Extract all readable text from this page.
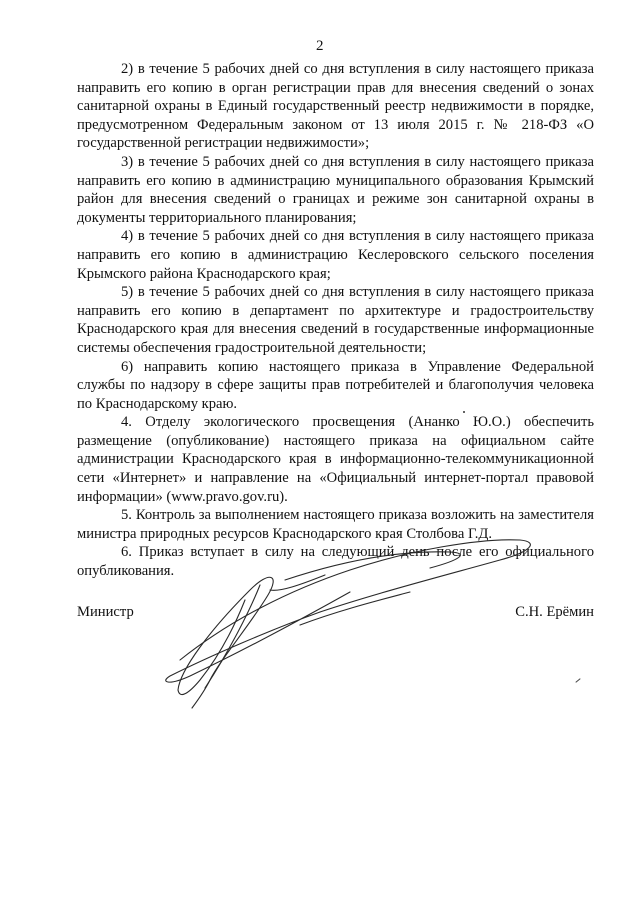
2

2) в течение 5 рабочих дней со дня вступления в силу настоящего приказа направить его копию в орган регистрации прав для внесения сведений о зонах санитарной охраны в Единый государственный реестр недвижимости в порядке, предусмотренном Федеральным законом от 13 июля 2015 г. № 218-ФЗ «О государственной регистрации недвижимости»;

3) в течение 5 рабочих дней со дня вступления в силу настоящего приказа направить его копию в администрацию муниципального образования Крымский район для внесения сведений о границах и режиме зон санитарной охраны в документы территориального планирования;

4) в течение 5 рабочих дней со дня вступления в силу настоящего приказа направить его копию в администрацию Кеслеровского сельского поселения Крымского района Краснодарского края;

5) в течение 5 рабочих дней со дня вступления в силу настоящего приказа направить его копию в департамент по архитектуре и градостроительству Краснодарского края для внесения сведений в государственные информационные системы обеспечения градостроительной деятельности;

6) направить копию настоящего приказа в Управление Федеральной службы по надзору в сфере защиты прав потребителей и благополучия человека по Краснодарскому краю.

4. Отделу экологического просвещения (Ананко Ю.О.) обеспечить размещение (опубликование) настоящего приказа на официальном сайте администрации Краснодарского края в информационно-телекоммуникационной сети «Интернет» и направление на «Официальный интернет-портал правовой информации» (www.pravo.gov.ru).

5. Контроль за выполнением настоящего приказа возложить на заместителя министра природных ресурсов Краснодарского края Столбова Г.Д.

6. Приказ вступает в силу на следующий день после его официального опубликования.

Министр	С.Н. Ерёмин
